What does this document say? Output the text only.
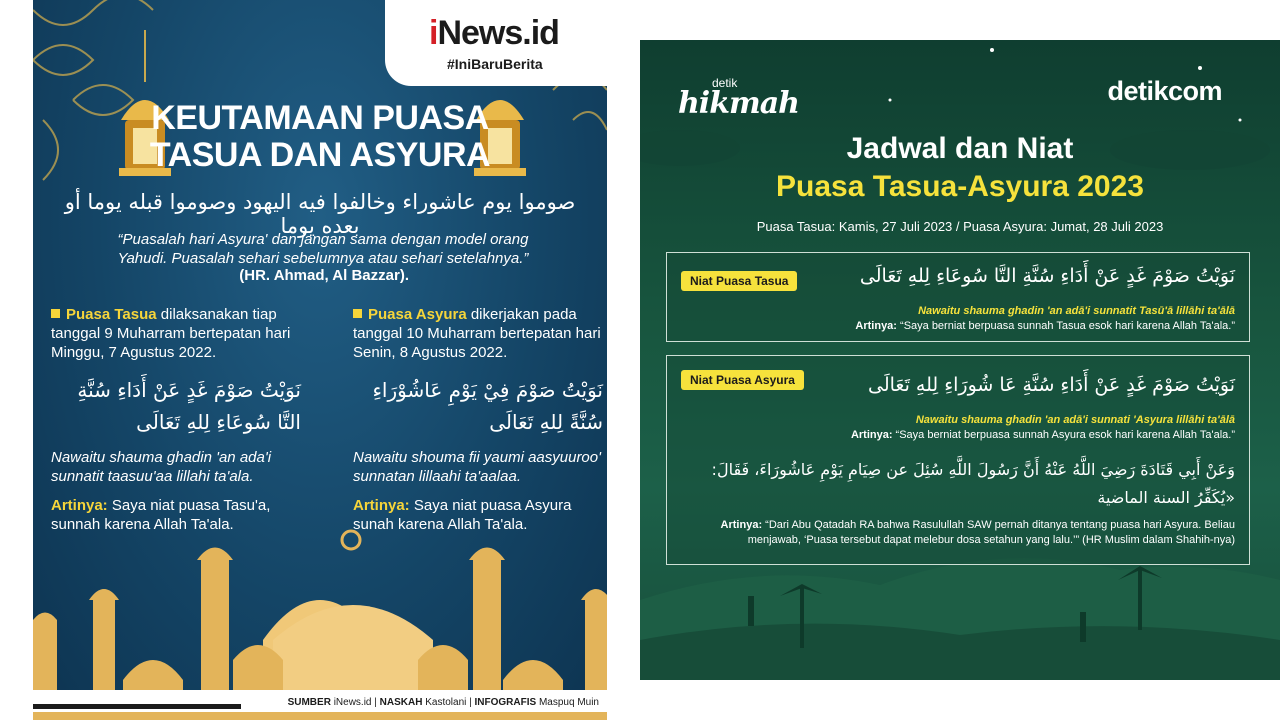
iNews.id
#IniBaruBerita
KEUTAMAAN PUASA
TASUA DAN ASYURA
صوموا يوم عاشوراء وخالفوا فيه اليهود وصوموا قبله يوما أو بعده يوما
“Puasalah hari Asyura' dan jangan sama dengan model orang
Yahudi. Puasalah sehari sebelumnya atau sehari setelahnya.”
(HR. Ahmad, Al Bazzar).
Puasa Tasua dilaksanakan tiap tanggal 9 Muharram bertepatan hari Minggu, 7 Agustus 2022.
نَوَيْتُ صَوْمَ غَدٍ عَنْ أَدَاءِ سُنَّةِ التَّا سُوعَاءِ لِلهِ تَعَالَى
Nawaitu shauma ghadin 'an ada'i sunnatit taasuu'aa lillahi ta'ala.
Artinya: Saya niat puasa Tasu'a, sunnah karena Allah Ta'ala.
Puasa Asyura dikerjakan pada tanggal 10 Muharram bertepatan hari Senin, 8 Agustus 2022.
نَوَيْتُ صَوْمَ فِيْ يَوْمِ عَاشُوْرَاءِ سُنَّةً لِلهِ تَعَالَى
Nawaitu shouma fii yaumi aasyuuroo' sunnatan lillaahi ta'aalaa.
Artinya: Saya niat puasa Asyura sunah karena Allah Ta'ala.
SUMBER iNews.id | NASKAH Kastolani | INFOGRAFIS Maspuq Muin
detik
hikmah	detikcom
Jadwal dan Niat
Puasa Tasua-Asyura 2023
Puasa Tasua: Kamis, 27 Juli 2023 / Puasa Asyura: Jumat, 28 Juli 2023
Niat Puasa Tasua	نَوَيْتُ صَوْمَ غَدٍ عَنْ أَدَاءِ سُنَّةِ التَّا سُوعَاءِ لِلهِ تَعَالَى
Nawaitu shauma ghadin 'an adā'i sunnatit Tasū'ā lillāhi ta'ālā
Artinya: “Saya berniat berpuasa sunnah Tasua esok hari karena Allah Ta'ala.”
Niat Puasa Asyura	نَوَيْتُ صَوْمَ غَدٍ عَنْ أَدَاءِ سُنَّةِ عَا شُورَاءِ لِلهِ تَعَالَى
Nawaitu shauma ghadin 'an adā'i sunnati 'Asyura lillāhi ta'ālā
Artinya: “Saya berniat berpuasa sunnah Asyura esok hari karena Allah Ta'ala.”
وَعَنْ أَبِي قَتَادَةَ رَضِيَ اللَّهُ عَنْهُ أَنَّ رَسُولَ اللَّهِ سُئِلَ عن صِيَامِ يَوْمِ عَاشُورَاءَ، فَقَالَ: «يُكَفِّرُ السنة الماضية
Artinya: “Dari Abu Qatadah RA bahwa Rasulullah SAW pernah ditanya tentang puasa hari Asyura. Beliau menjawab, ‘Puasa tersebut dapat melebur dosa setahun yang lalu.’” (HR Muslim dalam Shahih-nya)
